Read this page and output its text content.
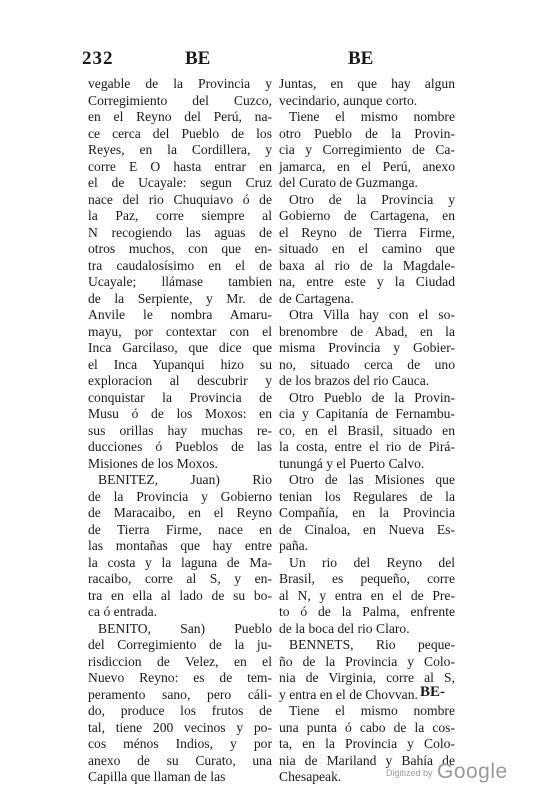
232	BE	BE
vegable de la Provincia y
Corregimiento del Cuzco,
en el Reyno del Perú, na-
ce cerca del Pueblo de los
Reyes, en la Cordillera, y
corre E O hasta entrar en
el de Ucayale: segun Cruz
nace del rio Chuquiavo ó de
la Paz, corre siempre al
N recogiendo las aguas de
otros muchos, con que en-
tra caudalosísimo en el de
Ucayale; llámase tambien
de la Serpiente, y Mr. de
Anvile le nombra Amaru-
mayu, por contextar con el
Inca Garcilaso, que dice que
el Inca Yupanqui hizo su
exploracion al descubrir y
conquistar la Provincia de
Musu ó de los Moxos: en
sus orillas hay muchas re-
ducciones ó Pueblos de las
Misiones de los Moxos.
BENITEZ, Juan) Rio
de la Provincia y Gobierno
de Maracaibo, en el Reyno
de Tierra Firme, nace en
las montañas que hay entre
la costa y la laguna de Ma-
racaibo, corre al S, y en-
tra en ella al lado de su bo-
ca ó entrada.
BENITO, San) Pueblo
del Corregimiento de la ju-
risdiccion de Velez, en el
Nuevo Reyno: es de tem-
peramento sano, pero cáli-
do, produce los frutos de
tal, tiene 200 vecinos y po-
cos ménos Indios, y por
anexo de su Curato, una
Capilla que llaman de las
Juntas, en que hay algun
vecindario, aunque corto.
Tiene el mismo nombre
otro Pueblo de la Provin-
cia y Corregimiento de Ca-
jamarca, en el Perú, anexo
del Curato de Guzmanga.
Otro de la Provincia y
Gobierno de Cartagena, en
el Reyno de Tierra Firme,
situado en el camino que
baxa al rio de la Magdale-
na, entre este y la Ciudad
de Cartagena.
Otra Villa hay con el so-
brenombre de Abad, en la
misma Provincia y Gobier-
no, situado cerca de uno
de los brazos del rio Cauca.
Otro Pueblo de la Provin-
cia y Capitanía de Fernambu-
co, en el Brasil, situado en
la costa, entre el rio de Pirá-
tunungá y el Puerto Calvo.
Otro de las Misiones que
tenian los Regulares de la
Compañía, en la Provincia
de Cinaloa, en Nueva Es-
paña.
Un rio del Reyno del
Brasil, es pequeño, corre
al N, y entra en el de Pre-
to ó de la Palma, enfrente
de la boca del rio Claro.
BENNETS, Rio peque-
ño de la Provincia y Colo-
nia de Virginia, corre al S,
y entra en el de Chovvan.
Tiene el mismo nombre
una punta ó cabo de la cos-
ta, en la Provincia y Colo-
nia de Mariland y Bahía de
Chesapeak.
BE-
Digitized by Google
